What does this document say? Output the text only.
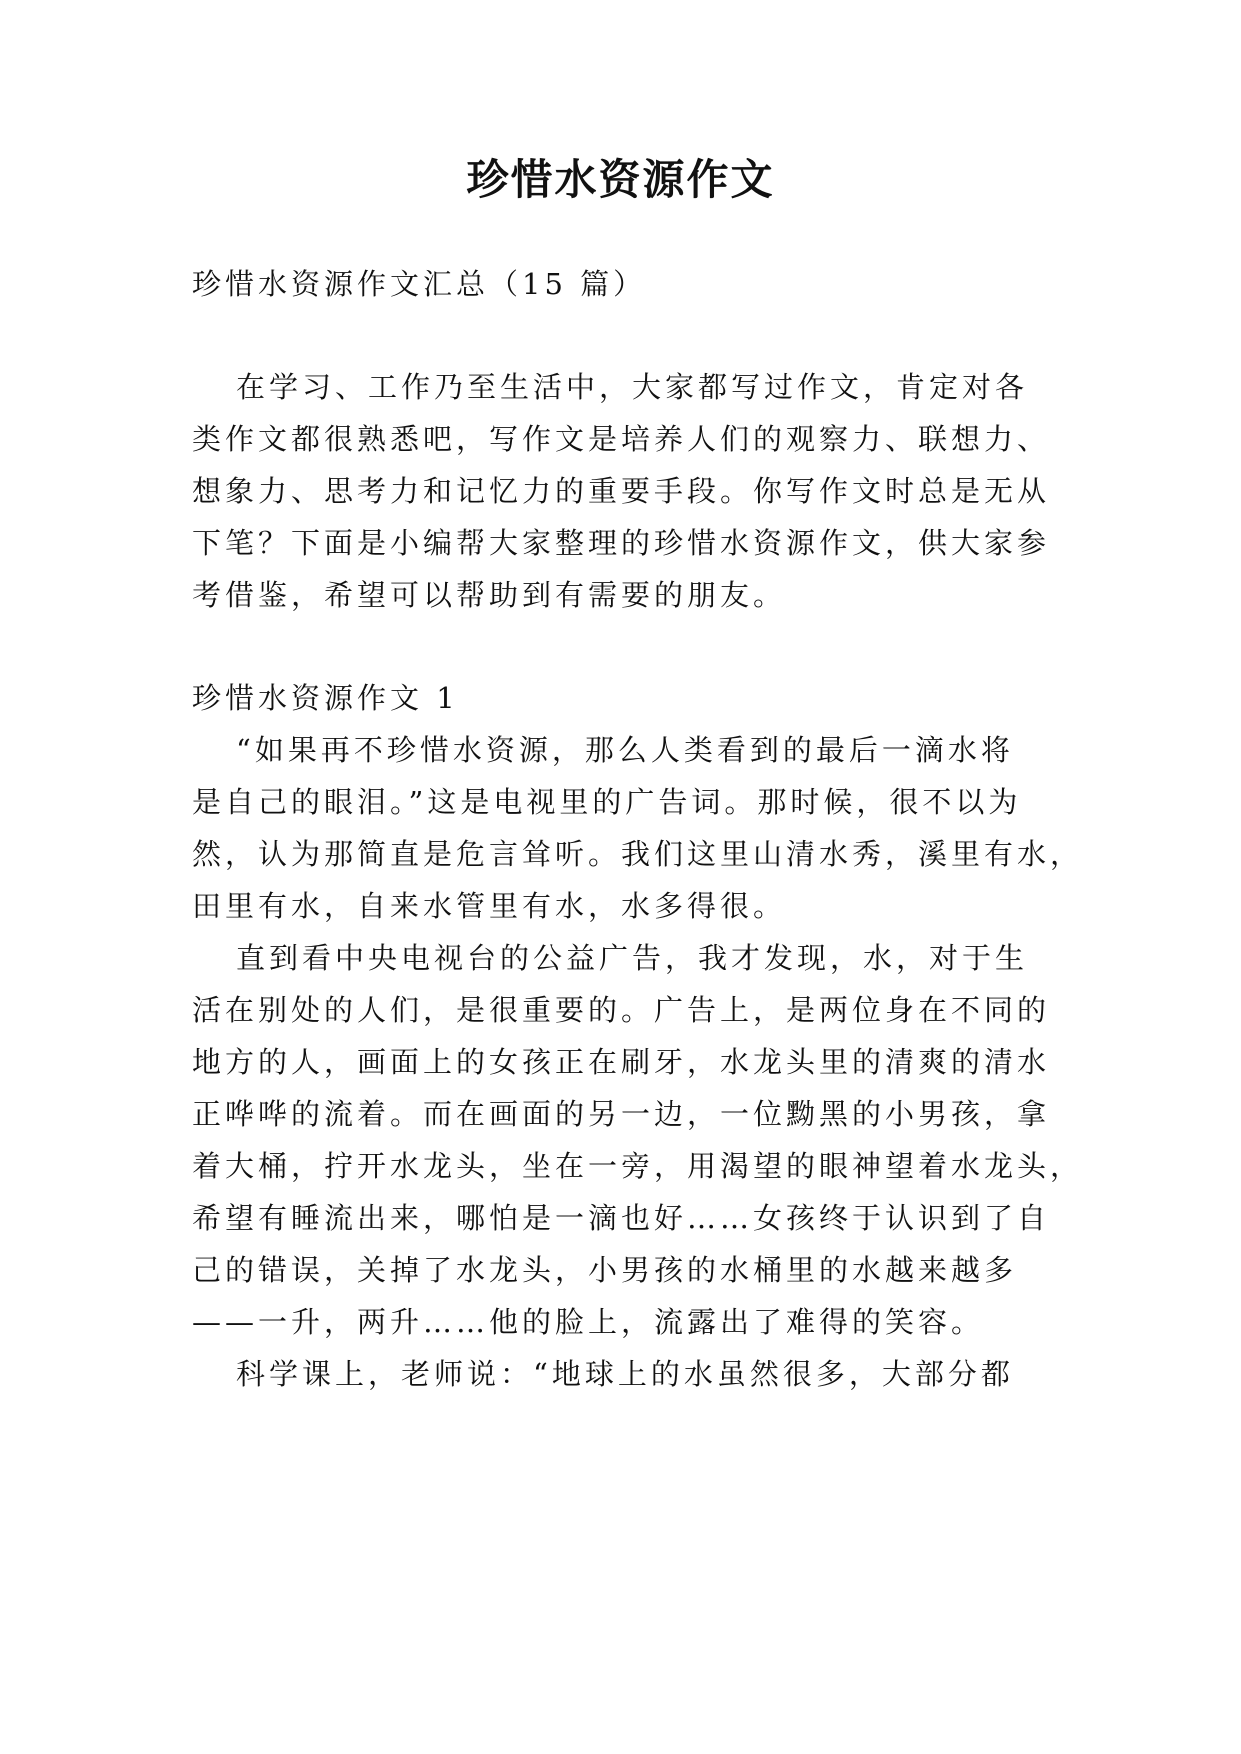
珍惜水资源作文
珍惜水资源作文汇总（15 篇）
在学习、工作乃至生活中，大家都写过作文，肯定对各
类作文都很熟悉吧，写作文是培养人们的观察力、联想力、
想象力、思考力和记忆力的重要手段。你写作文时总是无从
下笔？下面是小编帮大家整理的珍惜水资源作文，供大家参
考借鉴，希望可以帮助到有需要的朋友。
珍惜水资源作文 1
“如果再不珍惜水资源，那么人类看到的最后一滴水将
是自己的眼泪。”这是电视里的广告词。那时候，很不以为
然，认为那简直是危言耸听。我们这里山清水秀，溪里有水，
田里有水，自来水管里有水，水多得很。
直到看中央电视台的公益广告，我才发现，水，对于生
活在别处的人们，是很重要的。广告上，是两位身在不同的
地方的人，画面上的女孩正在刷牙，水龙头里的清爽的清水
正哗哗的流着。而在画面的另一边，一位黝黑的小男孩，拿
着大桶，拧开水龙头，坐在一旁，用渴望的眼神望着水龙头，
希望有睡流出来，哪怕是一滴也好……女孩终于认识到了自
己的错误，关掉了水龙头，小男孩的水桶里的水越来越多
——一升，两升……他的脸上，流露出了难得的笑容。
科学课上，老师说：“地球上的水虽然很多，大部分都
